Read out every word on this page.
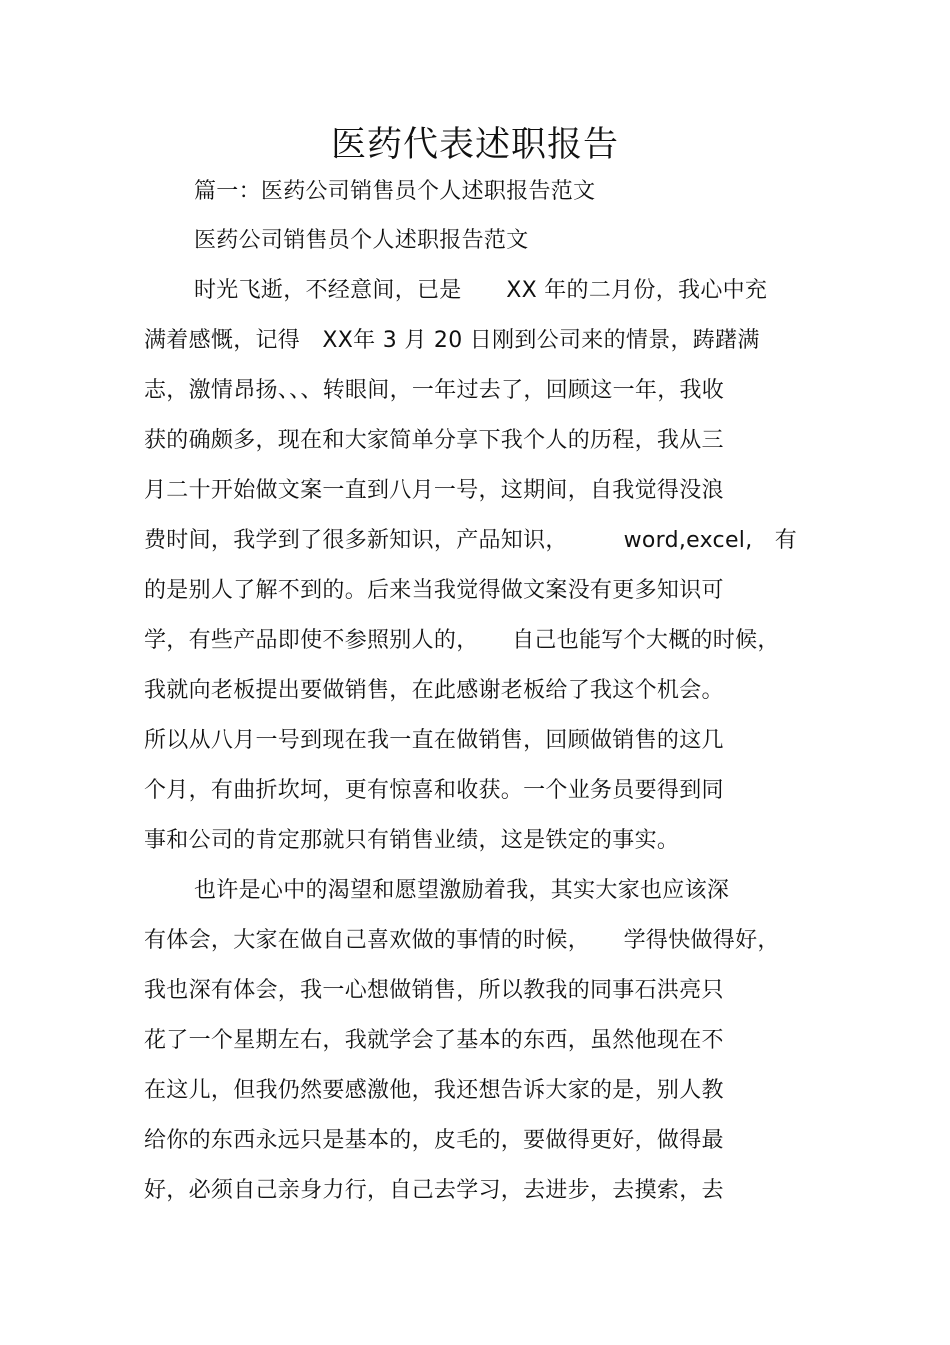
医药代表述职报告
篇一：医药公司销售员个人述职报告范文
医药公司销售员个人述职报告范文
时光飞逝，不经意间，已是　　XX 年的二月份，我心中充
满着感慨，记得　XX年 3 月 20 日刚到公司来的情景，踌躇满
志，激情昂扬、、、转眼间，一年过去了，回顾这一年，我收
获的确颇多，现在和大家简单分享下我个人的历程，我从三
月二十开始做文案一直到八月一号，这期间，自我觉得没浪
费时间，我学到了很多新知识，产品知识，　　　word,excel,　有
的是别人了解不到的。后来当我觉得做文案没有更多知识可
学，有些产品即使不参照别人的，　　自己也能写个大概的时候，
我就向老板提出要做销售，在此感谢老板给了我这个机会。
所以从八月一号到现在我一直在做销售，回顾做销售的这几
个月，有曲折坎坷，更有惊喜和收获。一个业务员要得到同
事和公司的肯定那就只有销售业绩，这是铁定的事实。
也许是心中的渴望和愿望激励着我，其实大家也应该深
有体会，大家在做自己喜欢做的事情的时候，　　学得快做得好，
我也深有体会，我一心想做销售，所以教我的同事石洪亮只
花了一个星期左右，我就学会了基本的东西，虽然他现在不
在这儿，但我仍然要感激他，我还想告诉大家的是，别人教
给你的东西永远只是基本的，皮毛的，要做得更好，做得最
好，必须自己亲身力行，自己去学习，去进步，去摸索，去
